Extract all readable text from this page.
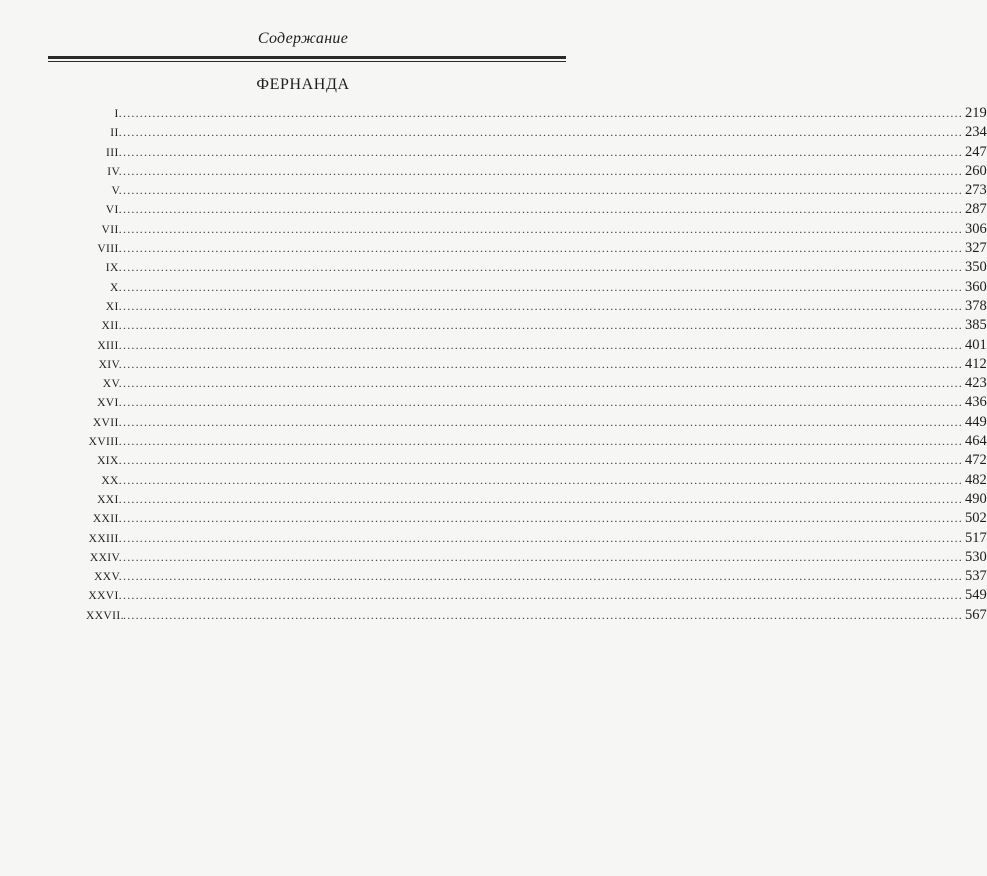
Содержание
ФЕРНАНДА
I. ........................................................................................................................................................................................................ 219
II. ........................................................................................................................................................................................................ 234
III. ........................................................................................................................................................................................................ 247
IV. ........................................................................................................................................................................................................ 260
V. ........................................................................................................................................................................................................ 273
VI. ........................................................................................................................................................................................................ 287
VII. ........................................................................................................................................................................................................ 306
VIII. ........................................................................................................................................................................................................ 327
IX. ........................................................................................................................................................................................................ 350
X. ........................................................................................................................................................................................................ 360
XI. ........................................................................................................................................................................................................ 378
XII. ........................................................................................................................................................................................................ 385
XIII. ........................................................................................................................................................................................................ 401
XIV. ........................................................................................................................................................................................................ 412
XV. ........................................................................................................................................................................................................ 423
XVI. ........................................................................................................................................................................................................ 436
XVII. ........................................................................................................................................................................................................ 449
XVIII. ........................................................................................................................................................................................................ 464
XIX. ........................................................................................................................................................................................................ 472
XX. ........................................................................................................................................................................................................ 482
XXI. ........................................................................................................................................................................................................ 490
XXII. ........................................................................................................................................................................................................ 502
XXIII. ........................................................................................................................................................................................................ 517
XXIV. ........................................................................................................................................................................................................ 530
XXV. ........................................................................................................................................................................................................ 537
XXVI. ........................................................................................................................................................................................................ 549
XXVII. ........................................................................................................................................................................................................ 567
